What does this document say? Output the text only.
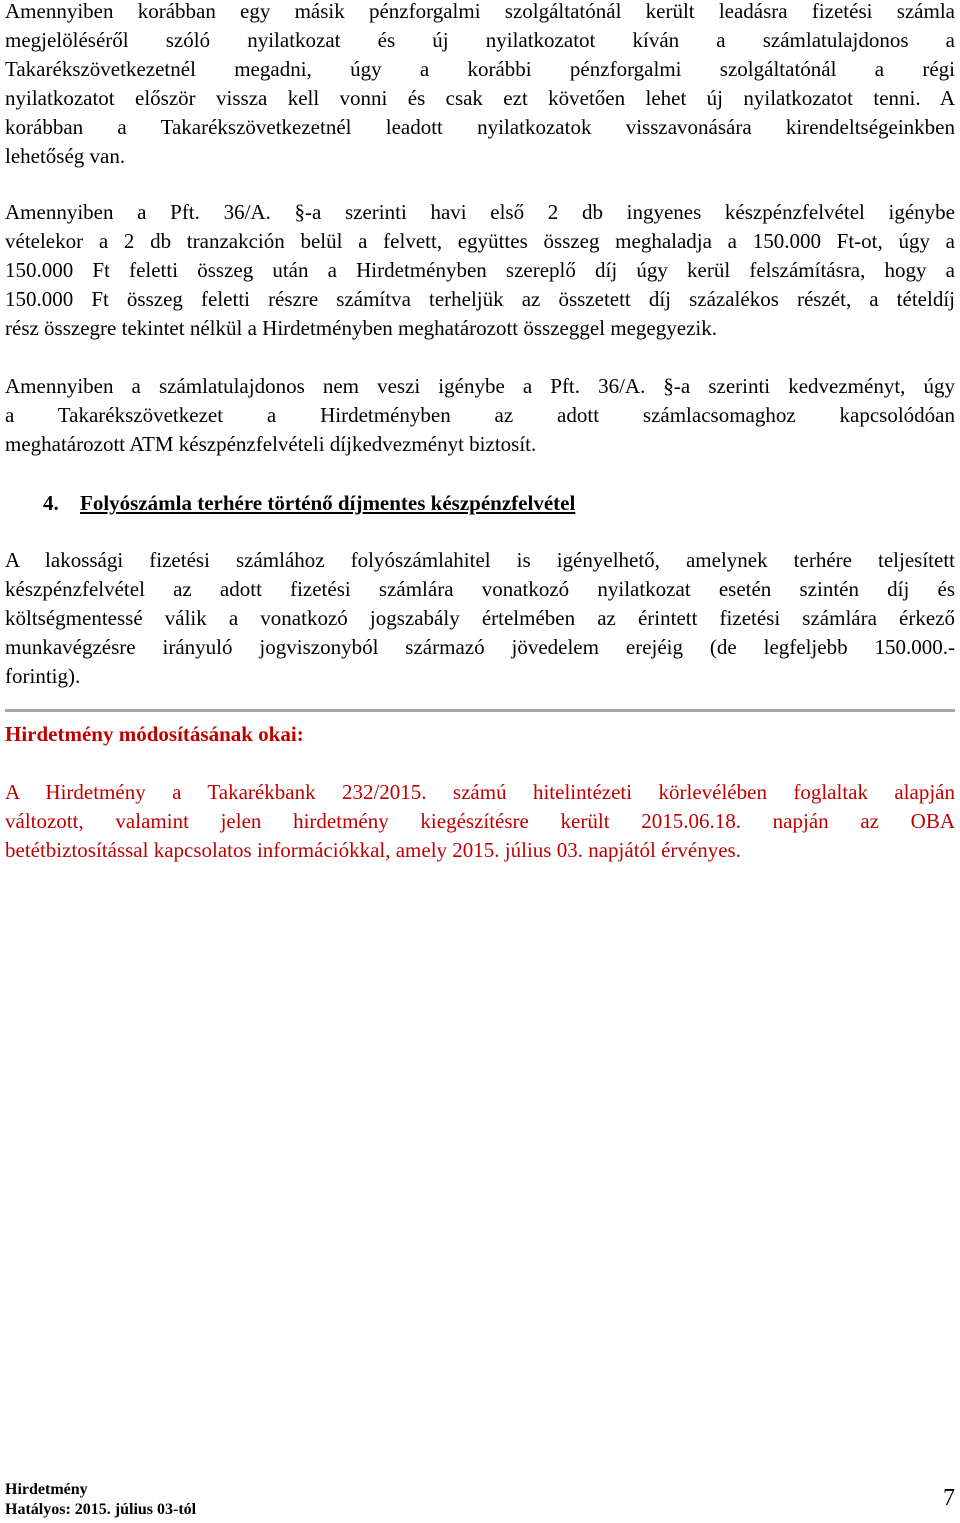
Amennyiben korábban egy másik pénzforgalmi szolgáltatónál került leadásra fizetési számla
megjelöléséről szóló nyilatkozat és új nyilatkozatot kíván a számlatulajdonos a
Takarékszövetkezetnél megadni, úgy a korábbi pénzforgalmi szolgáltatónál a régi
nyilatkozatot először vissza kell vonni és csak ezt követően lehet új nyilatkozatot tenni. A
korábban a Takarékszövetkezetnél leadott nyilatkozatok visszavonására kirendeltségeinkben
lehetőség van.
Amennyiben a Pft. 36/A. §-a szerinti havi első 2 db ingyenes készpénzfelvétel igénybe
vételekor a 2 db tranzakción belül a felvett, együttes összeg meghaladja a 150.000 Ft-ot, úgy a
150.000 Ft feletti összeg után a Hirdetményben szereplő díj úgy kerül felszámításra, hogy a
150.000 Ft összeg feletti részre számítva terheljük az összetett díj százalékos részét, a tételdíj
rész összegre tekintet nélkül a Hirdetményben meghatározott összeggel megegyezik.
Amennyiben a számlatulajdonos nem veszi igénybe a Pft. 36/A. §-a szerinti kedvezményt, úgy
a Takarékszövetkezet a Hirdetményben az adott számlacsomaghoz kapcsolódóan
meghatározott ATM készpénzfelvételi díjkedvezményt biztosít.
4. Folyószámla terhére történő díjmentes készpénzfelvétel
A lakossági fizetési számlához folyószámlahitel is igényelhető, amelynek terhére teljesített
készpénzfelvétel az adott fizetési számlára vonatkozó nyilatkozat esetén szintén díj és
költségmentessé válik a vonatkozó jogszabály értelmében az érintett fizetési számlára érkező
munkavégzésre irányuló jogviszonyból származó jövedelem erejéig (de legfeljebb 150.000.-
forintig).
Hirdetmény módosításának okai:
A Hirdetmény a Takarékbank 232/2015. számú hitelintézeti körlevélében foglaltak alapján
változott, valamint jelen hirdetmény kiegészítésre került 2015.06.18. napján az OBA
betétbiztosítással kapcsolatos információkkal, amely 2015. július 03. napjától érvényes.
Hirdetmény
Hatályos: 2015. július 03-tól	7
